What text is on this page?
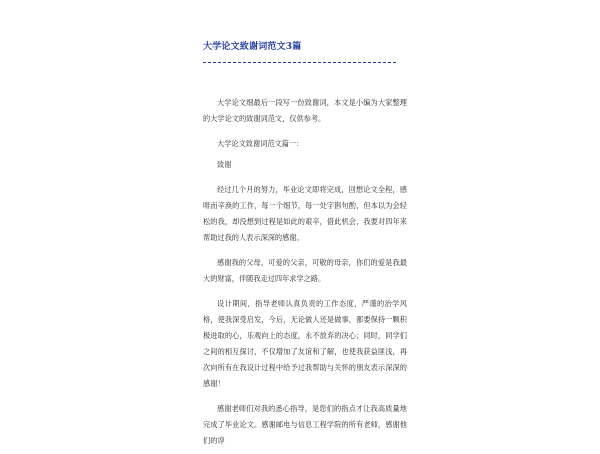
大学论文致谢词范文3篇

大学论文细最后一段写一份致谢词，本文是小编为大家整理的大学论文的致谢词范文，仅供参考。

大学论文致谢词范文篇一：

致谢

经过几个月的努力，毕业论文即将完成，回想论文全程，感啡而辛涣的工作，每一个细节，每一处字斟句酌，但本以为会轻松的我，却没想到过程是如此的艰辛，借此机会，我要对四年来帮助过我的人表示深深的感谢。

感谢我的父母，可爱的父亲，可敬的母亲，你们的爱是我最大的财富，伴随我走过四年求学之路。

设计期间，指导老师认真负责的工作态度，严谨的治学风格，使我深受启发，今后，无论做人还是做事，都要保持一颗积极进取的心，乐观向上的态度，永不放弃的决心；同时，同学们之间的相互探讨，不仅增加了友谊和了解，也使我获益匪浅，再次向所有在我设计过程中给予过我帮助与关怀的朋友表示深深的感谢！

感谢老师们对我的悉心指导，是您们的指点才让我高质量地完成了毕业论文。感谢邮电与信息工程学院的所有老师，感谢他们的谆
